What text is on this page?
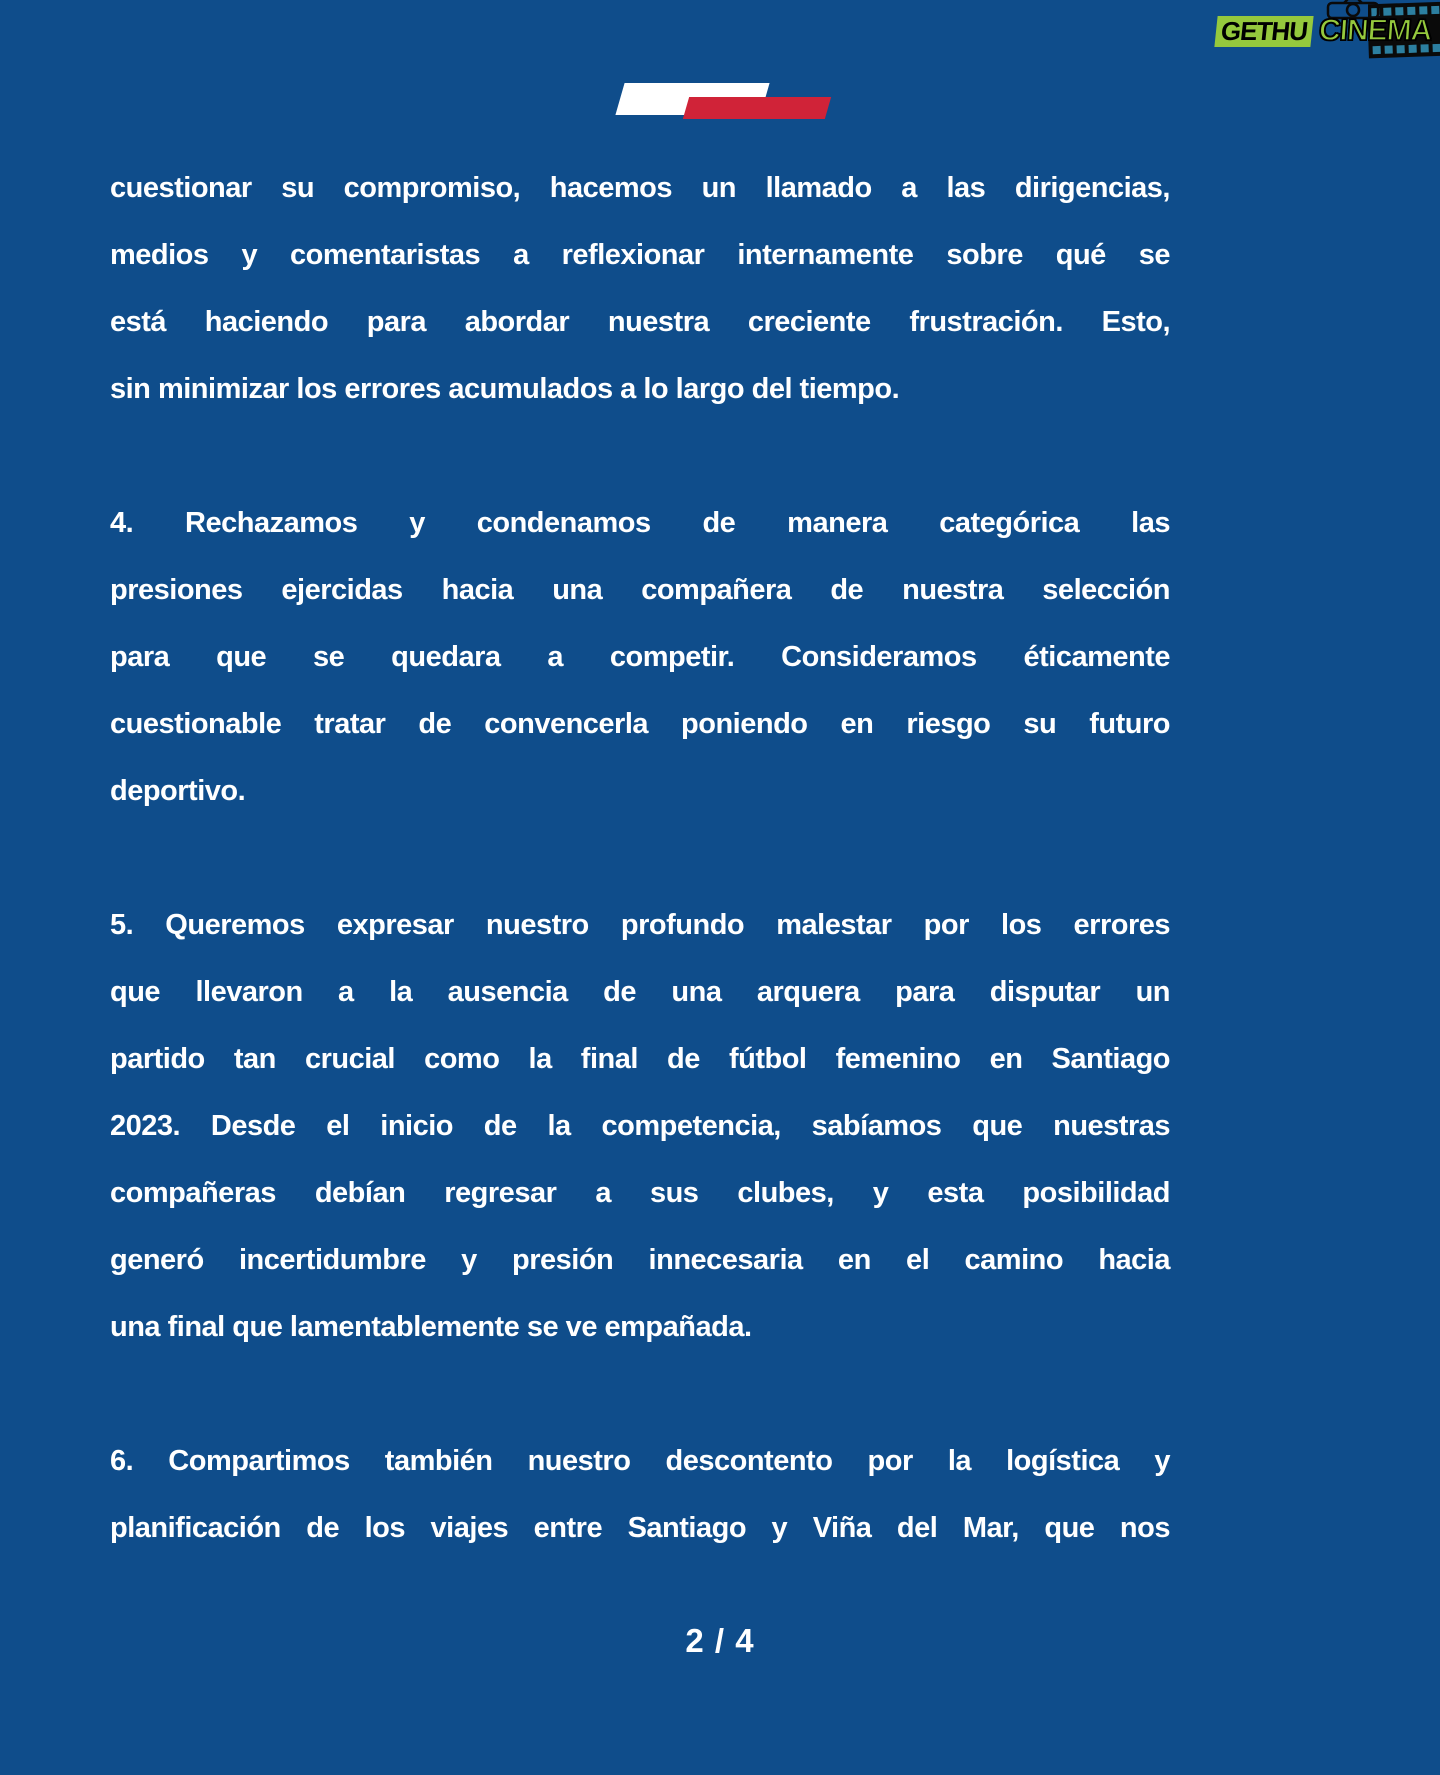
GETHU CINEMA

cuestionar su compromiso, hacemos un llamado a las dirigencias,
medios y comentaristas a reflexionar internamente sobre qué se
está haciendo para abordar nuestra creciente frustración. Esto,
sin minimizar los errores acumulados a lo largo del tiempo.

4. Rechazamos y condenamos de manera categórica las
presiones ejercidas hacia una compañera de nuestra selección
para que se quedara a competir. Consideramos éticamente
cuestionable tratar de convencerla poniendo en riesgo su futuro
deportivo.

5. Queremos expresar nuestro profundo malestar por los errores
que llevaron a la ausencia de una arquera para disputar un
partido tan crucial como la final de fútbol femenino en Santiago
2023. Desde el inicio de la competencia, sabíamos que nuestras
compañeras debían regresar a sus clubes, y esta posibilidad
generó incertidumbre y presión innecesaria en el camino hacia
una final que lamentablemente se ve empañada.

6. Compartimos también nuestro descontento por la logística y
planificación de los viajes entre Santiago y Viña del Mar, que nos

2 / 4
